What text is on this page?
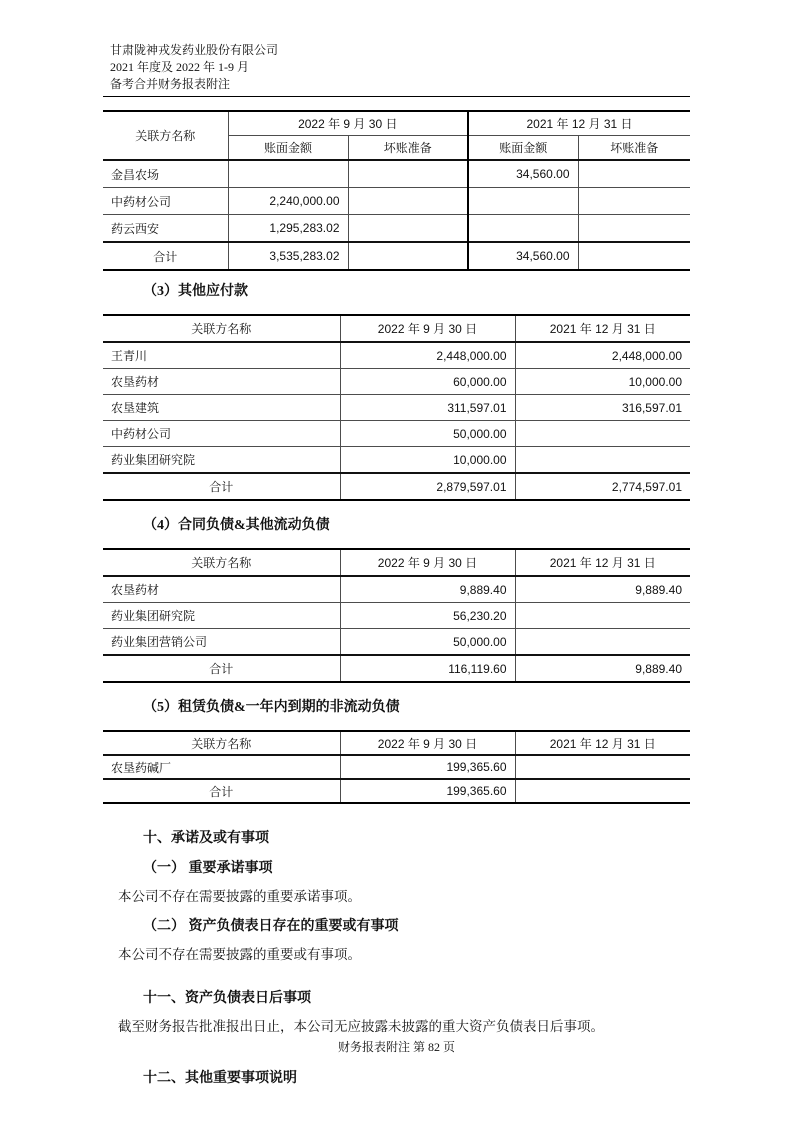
甘肃陇神戎发药业股份有限公司
2021 年度及 2022 年 1-9 月
备考合并财务报表附注
关联方名称	2022 年 9 月 30 日		2021 年 12 月 31 日	
	账面金额	坏账准备	账面金额	坏账准备
金昌农场			34,560.00	
中药材公司	2,240,000.00			
药云西安	1,295,283.02			
合计	3,535,283.02		34,560.00	
（3）其他应付款
关联方名称	2022 年 9 月 30 日	2021 年 12 月 31 日
王青川	2,448,000.00	2,448,000.00
农垦药材	60,000.00	10,000.00
农垦建筑	311,597.01	316,597.01
中药材公司	50,000.00	
药业集团研究院	10,000.00	
合计	2,879,597.01	2,774,597.01
（4）合同负债&其他流动负债
关联方名称	2022 年 9 月 30 日	2021 年 12 月 31 日
农垦药材	9,889.40	9,889.40
药业集团研究院	56,230.20	
药业集团营销公司	50,000.00	
合计	116,119.60	9,889.40
（5）租赁负债&一年内到期的非流动负债
关联方名称	2022 年 9 月 30 日	2021 年 12 月 31 日
农垦药碱厂	199,365.60	
合计	199,365.60	
十、承诺及或有事项
（一） 重要承诺事项
本公司不存在需要披露的重要承诺事项。
（二） 资产负债表日存在的重要或有事项
本公司不存在需要披露的重要或有事项。
十一、资产负债表日后事项
截至财务报告批准报出日止，本公司无应披露未披露的重大资产负债表日后事项。
十二、其他重要事项说明
财务报表附注 第 82 页
